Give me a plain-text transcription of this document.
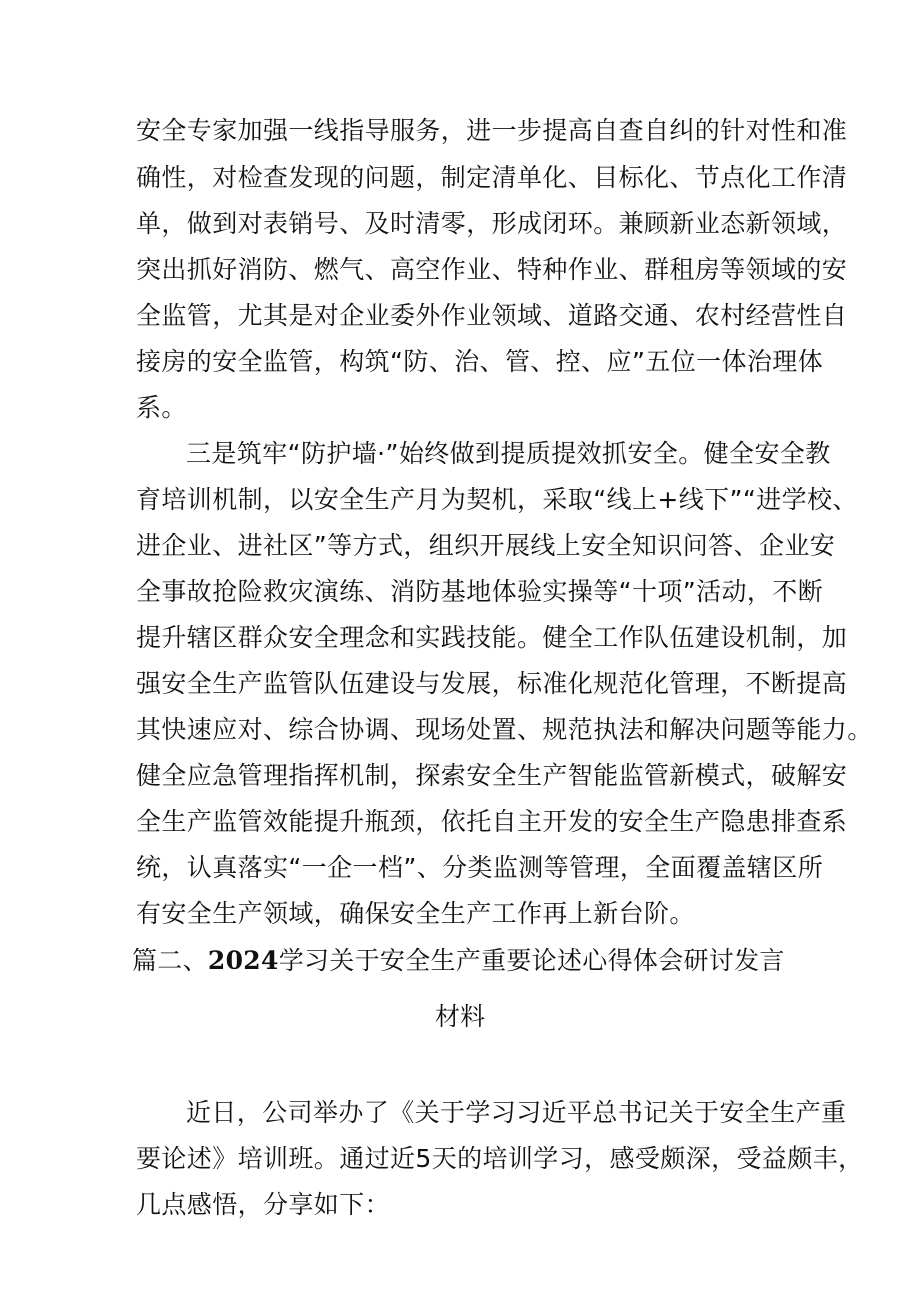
安全专家加强一线指导服务，进一步提高自查自纠的针对性和准
确性，对检查发现的问题，制定清单化、目标化、节点化工作清
单，做到对表销号、及时清零，形成闭环。兼顾新业态新领域，
突出抓好消防、燃气、高空作业、特种作业、群租房等领域的安
全监管，尤其是对企业委外作业领域、道路交通、农村经营性自
接房的安全监管，构筑“防、治、管、控、应”五位一体治理体
系。
三是筑牢“防护墙·”始终做到提质提效抓安全。健全安全教
育培训机制，以安全生产月为契机，采取“线上+线下”“进学校、
进企业、进社区”等方式，组织开展线上安全知识问答、企业安
全事故抢险救灾演练、消防基地体验实操等“十项”活动，不断
提升辖区群众安全理念和实践技能。健全工作队伍建设机制，加
强安全生产监管队伍建设与发展，标准化规范化管理，不断提高
其快速应对、综合协调、现场处置、规范执法和解决问题等能力。
健全应急管理指挥机制，探索安全生产智能监管新模式，破解安
全生产监管效能提升瓶颈，依托自主开发的安全生产隐患排查系
统，认真落实“一企一档”、分类监测等管理，全面覆盖辖区所
有安全生产领域，确保安全生产工作再上新台阶。
篇二、2024学习关于安全生产重要论述心得体会研讨发言
材料
近日，公司举办了《关于学习习近平总书记关于安全生产重
要论述》培训班。通过近5天的培训学习，感受颇深，受益颇丰，
几点感悟，分享如下：
